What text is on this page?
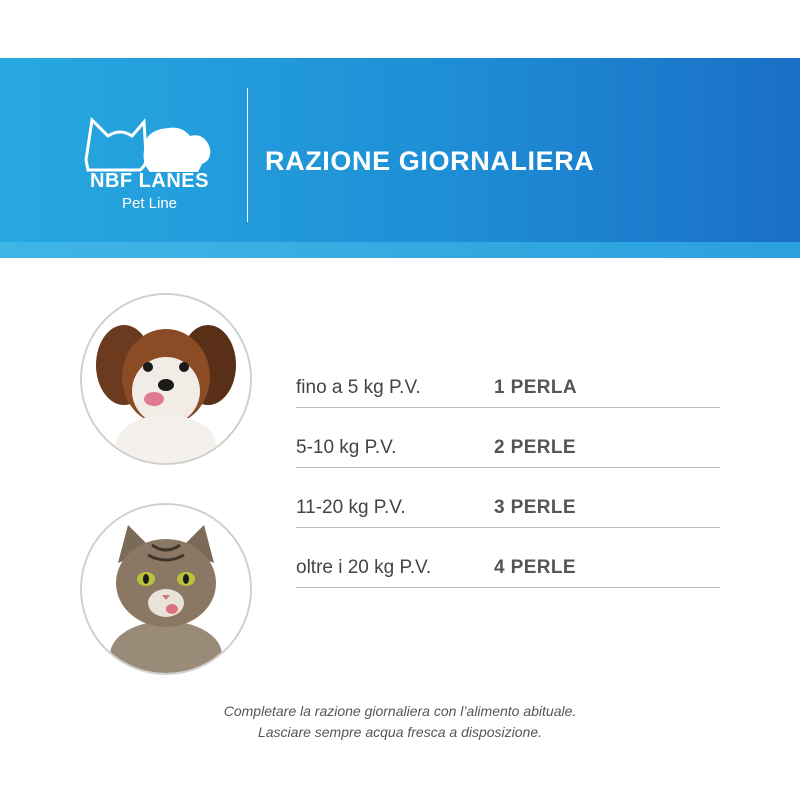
NBF LANES
Pet Line
RAZIONE GIORNALIERA
fino a 5 kg P.V.	1 PERLA
5-10 kg P.V.	2 PERLE
11-20 kg P.V.	3 PERLE
oltre i 20 kg P.V.	4 PERLE
Completare la razione giornaliera con l’alimento abituale.
Lasciare sempre acqua fresca a disposizione.
